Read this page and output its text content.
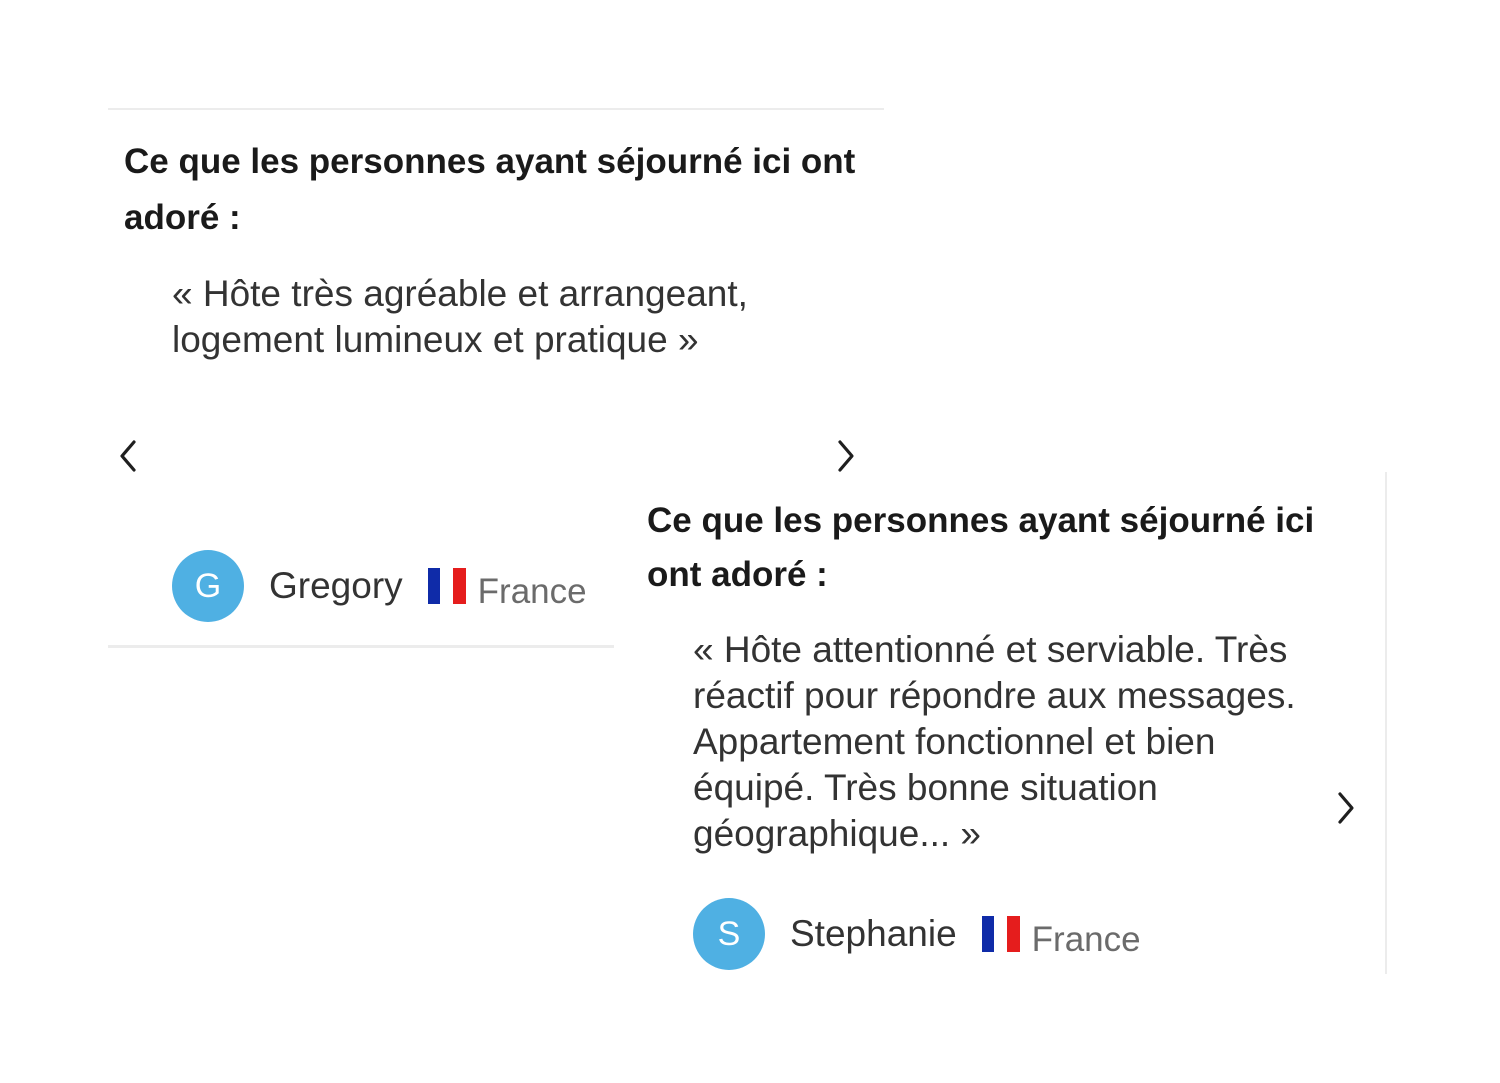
Ce que les personnes ayant séjourné ici ont adoré :

« Hôte très agréable et arrangeant, logement lumineux et pratique »

G	Gregory France

Ce que les personnes ayant séjourné ici ont adoré :

« Hôte attentionné et serviable. Très réactif pour répondre aux messages. Appartement fonctionnel et bien équipé. Très bonne situation géographique... »

S	Stephanie France
